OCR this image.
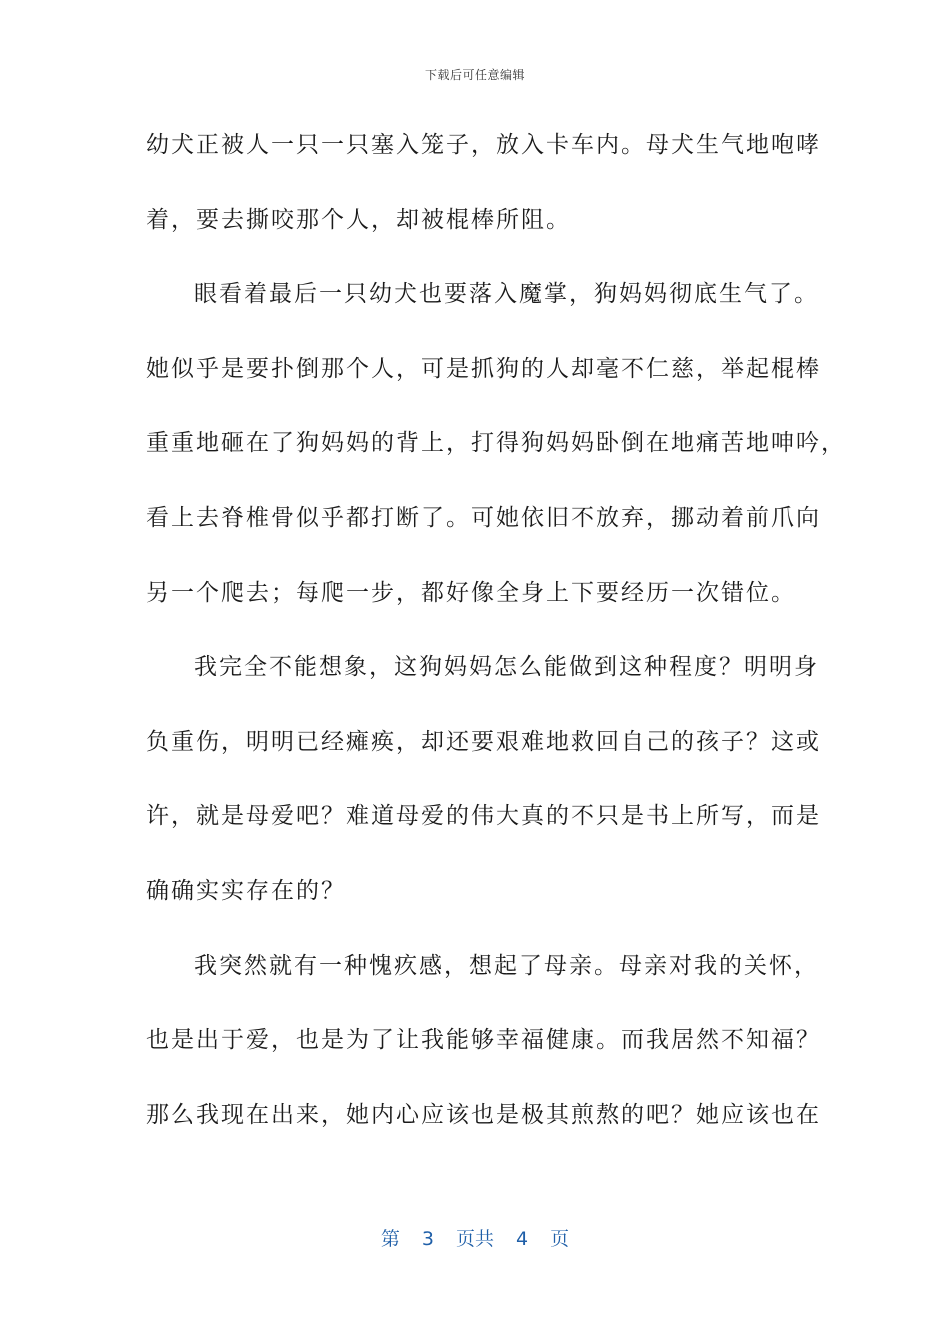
下载后可任意编辑
幼犬正被人一只一只塞入笼子，放入卡车内。母犬生气地咆哮
着，要去撕咬那个人，却被棍棒所阻。
眼看着最后一只幼犬也要落入魔掌，狗妈妈彻底生气了。
她似乎是要扑倒那个人，可是抓狗的人却毫不仁慈，举起棍棒
重重地砸在了狗妈妈的背上，打得狗妈妈卧倒在地痛苦地呻吟，
看上去脊椎骨似乎都打断了。可她依旧不放弃，挪动着前爪向
另一个爬去；每爬一步，都好像全身上下要经历一次错位。
我完全不能想象，这狗妈妈怎么能做到这种程度？明明身
负重伤，明明已经瘫痪，却还要艰难地救回自己的孩子？这或
许，就是母爱吧？难道母爱的伟大真的不只是书上所写，而是
确确实实存在的？
我突然就有一种愧疚感，想起了母亲。母亲对我的关怀，
也是出于爱，也是为了让我能够幸福健康。而我居然不知福？
那么我现在出来，她内心应该也是极其煎熬的吧？她应该也在
第 3 页共 4 页
